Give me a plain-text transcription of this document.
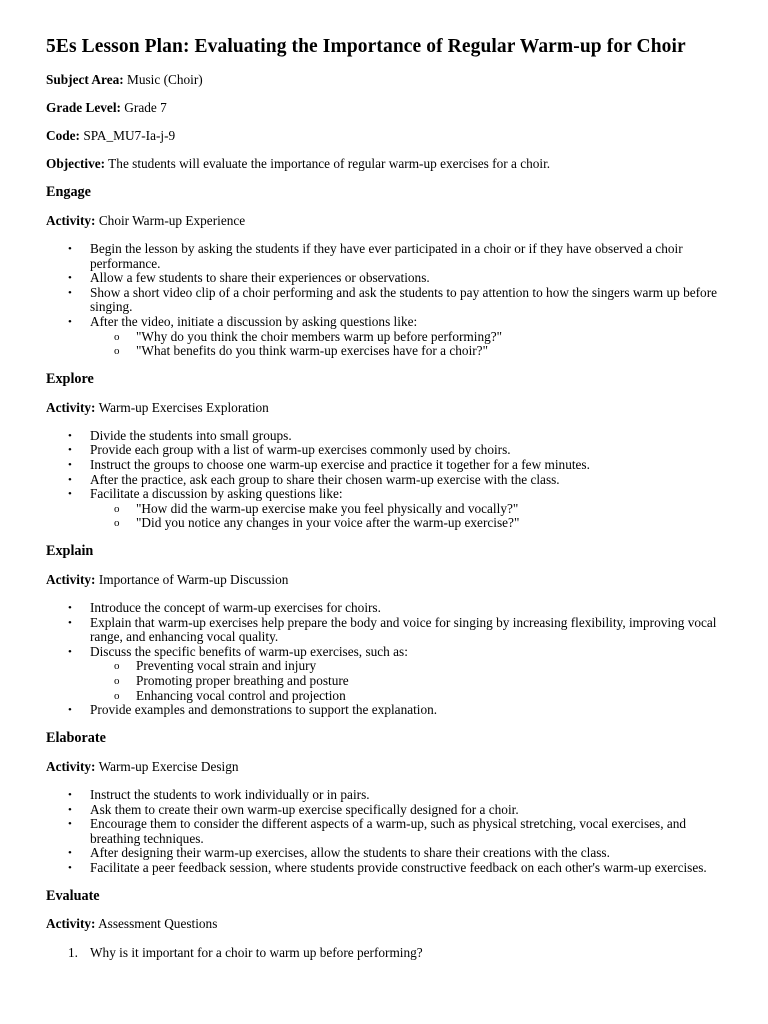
5Es Lesson Plan: Evaluating the Importance of Regular Warm-up for Choir

Subject Area: Music (Choir)

Grade Level: Grade 7

Code: SPA_MU7-Ia-j-9

Objective: The students will evaluate the importance of regular warm-up exercises for a choir.

Engage

Activity: Choir Warm-up Experience

• Begin the lesson by asking the students if they have ever participated in a choir or if they have observed a choir performance.
• Allow a few students to share their experiences or observations.
• Show a short video clip of a choir performing and ask the students to pay attention to how the singers warm up before singing.
• After the video, initiate a discussion by asking questions like:
o "Why do you think the choir members warm up before performing?"
o "What benefits do you think warm-up exercises have for a choir?"
Explore

Activity: Warm-up Exercises Exploration

• Divide the students into small groups.
• Provide each group with a list of warm-up exercises commonly used by choirs.
• Instruct the groups to choose one warm-up exercise and practice it together for a few minutes.
• After the practice, ask each group to share their chosen warm-up exercise with the class.
• Facilitate a discussion by asking questions like:
o "How did the warm-up exercise make you feel physically and vocally?"
o "Did you notice any changes in your voice after the warm-up exercise?"
Explain

Activity: Importance of Warm-up Discussion

• Introduce the concept of warm-up exercises for choirs.
• Explain that warm-up exercises help prepare the body and voice for singing by increasing flexibility, improving vocal range, and enhancing vocal quality.
• Discuss the specific benefits of warm-up exercises, such as:
o Preventing vocal strain and injury
o Promoting proper breathing and posture
o Enhancing vocal control and projection
• Provide examples and demonstrations to support the explanation.
Elaborate

Activity: Warm-up Exercise Design

• Instruct the students to work individually or in pairs.
• Ask them to create their own warm-up exercise specifically designed for a choir.
• Encourage them to consider the different aspects of a warm-up, such as physical stretching, vocal exercises, and breathing techniques.
• After designing their warm-up exercises, allow the students to share their creations with the class.
• Facilitate a peer feedback session, where students provide constructive feedback on each other's warm-up exercises.
Evaluate

Activity: Assessment Questions

1. Why is it important for a choir to warm up before performing?
